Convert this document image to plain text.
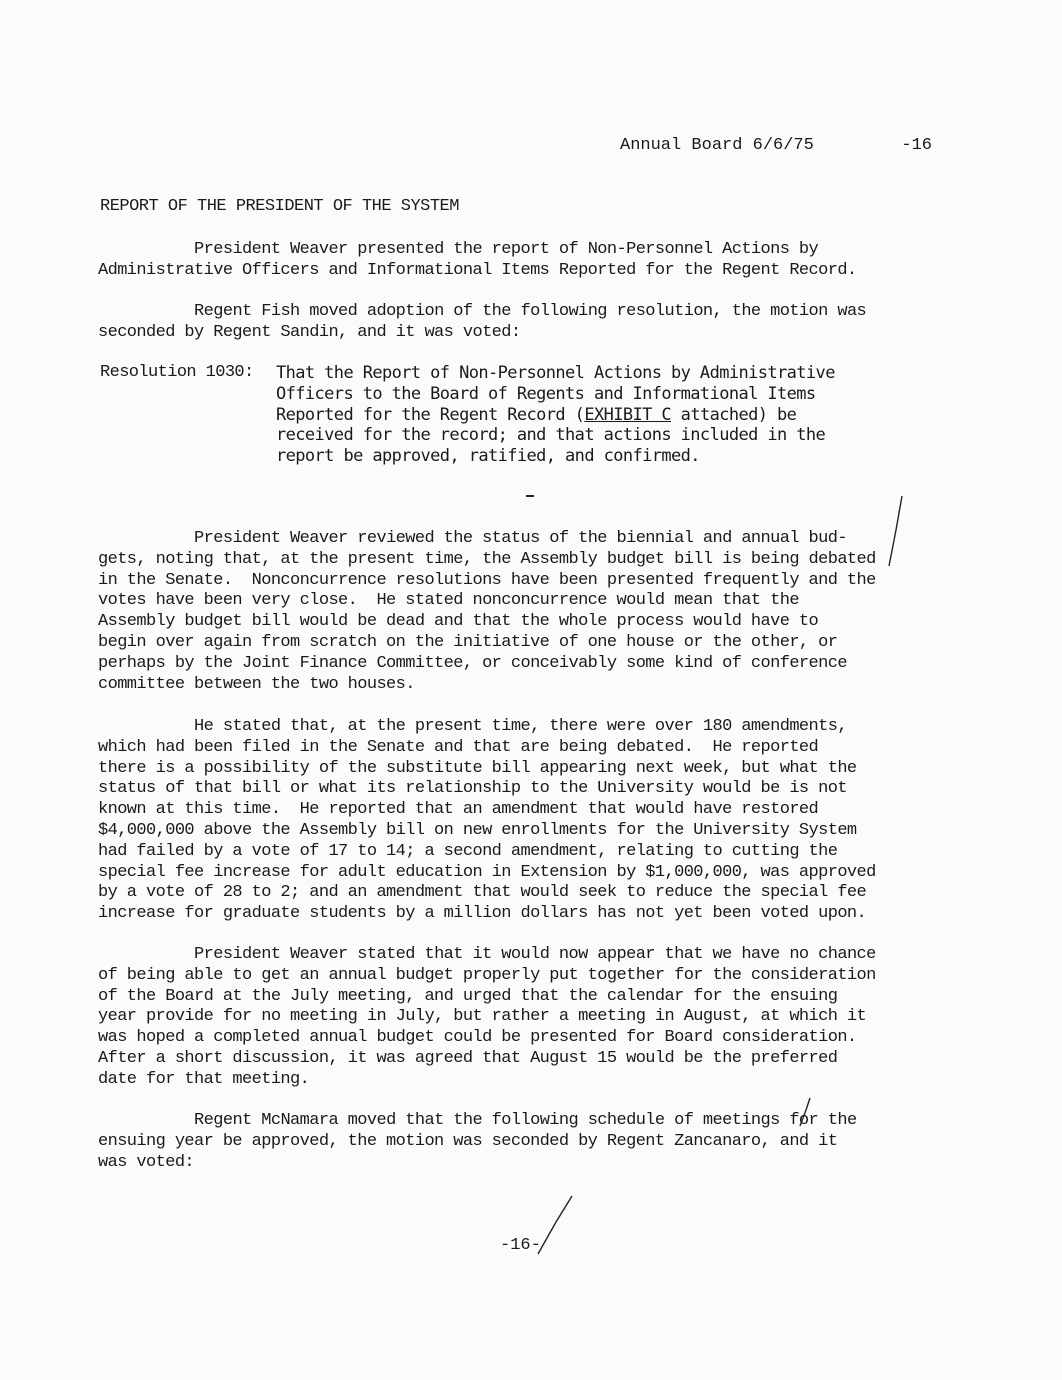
Annual Board 6/6/75	-16
REPORT OF THE PRESIDENT OF THE SYSTEM
President Weaver presented the report of Non-Personnel Actions by
Administrative Officers and Informational Items Reported for the Regent Record.
Regent Fish moved adoption of the following resolution, the motion was
seconded by Regent Sandin, and it was voted:
Resolution 1030: That the Report of Non-Personnel Actions by Administrative
Officers to the Board of Regents and Informational Items
Reported for the Regent Record (EXHIBIT C attached) be
received for the record; and that actions included in the
report be approved, ratified, and confirmed.
President Weaver reviewed the status of the biennial and annual bud-
gets, noting that, at the present time, the Assembly budget bill is being debated
in the Senate.  Nonconcurrence resolutions have been presented frequently and the
votes have been very close.  He stated nonconcurrence would mean that the
Assembly budget bill would be dead and that the whole process would have to
begin over again from scratch on the initiative of one house or the other, or
perhaps by the Joint Finance Committee, or conceivably some kind of conference
committee between the two houses.
He stated that, at the present time, there were over 180 amendments,
which had been filed in the Senate and that are being debated.  He reported
there is a possibility of the substitute bill appearing next week, but what the
status of that bill or what its relationship to the University would be is not
known at this time.  He reported that an amendment that would have restored
$4,000,000 above the Assembly bill on new enrollments for the University System
had failed by a vote of 17 to 14; a second amendment, relating to cutting the
special fee increase for adult education in Extension by $1,000,000, was approved
by a vote of 28 to 2; and an amendment that would seek to reduce the special fee
increase for graduate students by a million dollars has not yet been voted upon.
President Weaver stated that it would now appear that we have no chance
of being able to get an annual budget properly put together for the consideration
of the Board at the July meeting, and urged that the calendar for the ensuing
year provide for no meeting in July, but rather a meeting in August, at which it
was hoped a completed annual budget could be presented for Board consideration.
After a short discussion, it was agreed that August 15 would be the preferred
date for that meeting.
Regent McNamara moved that the following schedule of meetings for the
ensuing year be approved, the motion was seconded by Regent Zancanaro, and it
was voted:
-16-
